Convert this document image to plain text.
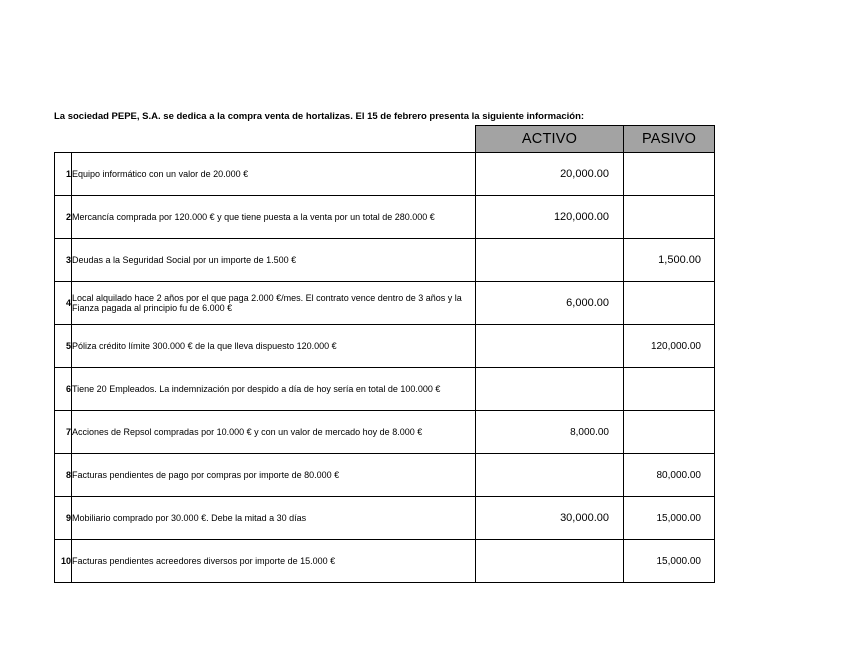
La sociedad PEPE, S.A. se dedica a la compra venta de hortalizas. El 15 de febrero presenta la siguiente información:
		ACTIVO	PASIVO
1	Equipo informático con un valor de 20.000 €	20,000.00	
2	Mercancía comprada por 120.000 € y que tiene puesta a la venta por un total de 280.000 €	120,000.00	
3	Deudas a la Seguridad Social por un importe de 1.500 €		1,500.00
4	Local alquilado hace 2 años por el que paga 2.000 €/mes. El contrato vence dentro de 3 años y la Fianza pagada al principio fu de 6.000 €	6,000.00	
5	Póliza crédito límite 300.000 € de la que lleva dispuesto 120.000 €		120,000.00
6	Tiene 20 Empleados. La indemnización por despido a día de hoy sería en total de 100.000 €		
7	Acciones de Repsol compradas por 10.000 € y con un valor de mercado hoy de 8.000 €	8,000.00	
8	Facturas pendientes de pago por compras por importe de 80.000 €		80,000.00
9	Mobiliario comprado por 30.000 €. Debe la mitad a 30 días	30,000.00	15,000.00
10	Facturas pendientes acreedores diversos por importe de 15.000 €		15,000.00
